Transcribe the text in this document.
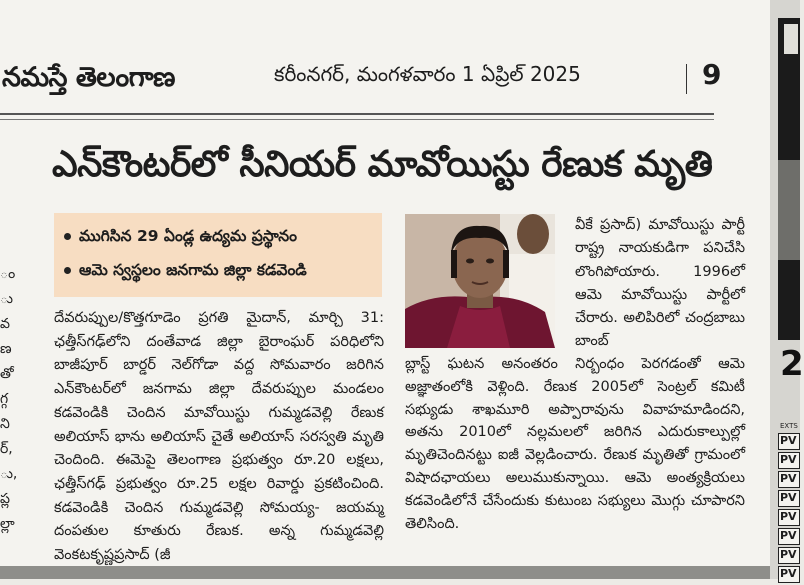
నమస్తే తెలంగాణ	కరీంనగర్, మంగళవారం 1 ఏప్రిల్ 2025	9
ం
ు
వ
ణ
తో
గ్గ
ని
ర్,
ు,
ప్ల
ల్లా
ఎన్‌కౌంటర్‌లో సీనియర్ మావోయిస్టు రేణుక మృతి
ముగిసిన 29 ఏండ్ల ఉద్యమ ప్రస్థానం
ఆమె స్వస్థలం జనగామ జిల్లా కడవెండి

దేవరుప్పుల/కొత్తగూడెం ప్రగతి మైదాన్, మార్చి 31: ఛత్తీస్‌గఢ్‌లోని దంతేవాడ జిల్లా బైరాంఘర్ పరిధిలోని బాజీపూర్ బార్డర్ నెల్‌గోడా వద్ద సోమవారం జరిగిన ఎన్‌కౌంటర్‌లో జనగామ జిల్లా దేవరుప్పుల మండలం కడవెండికి చెందిన మావోయిస్టు గుమ్మడవెల్లి రేణుక అలియాస్ భాను అలియాస్ చైతే అలియాస్ సరస్వతి మృతి చెందింది. ఈమెపై తెలంగాణ ప్రభుత్వం రూ.20 లక్షలు, ఛత్తీస్‌గఢ్ ప్రభుత్వం రూ.25 లక్షల రివార్డు ప్రకటించింది. కడవెండికి చెందిన గుమ్మడవెల్లి సోమయ్య- జయమ్మ దంపతుల కూతురు రేణుక. అన్న గుమ్మడవెల్లి వెంకటకృష్ణప్రసాద్ (జీ

వీకే ప్రసాద్) మావోయిస్టు పార్టీ రాష్ట్ర నాయకుడిగా పనిచేసి లొంగిపోయారు. 1996లో ఆమె మావోయిస్టు పార్టీలో చేరారు. అలిపిరిలో చంద్రబాబు బాంబ్

బ్లాస్ట్ ఘటన అనంతరం నిర్బంధం పెరగడంతో ఆమె అజ్ఞాతంలోకి వెళ్లింది. రేణుక 2005లో సెంట్రల్ కమిటీ సభ్యుడు శాఖమూరి అప్పారావును వివాహమాడిందని, అతను 2010లో నల్లమలలో జరిగిన ఎదురుకాల్పుల్లో మృతిచెందినట్టు ఐజీ వెల్లడించారు. రేణుక మృతితో గ్రామంలో విషాదఛాయలు అలుముకున్నాయి. ఆమె అంత్యక్రియలు కడవెండిలోనే చేసేందుకు కుటుంబ సభ్యులు మొగ్గు చూపారని తెలిసింది.

2
EXTS
PV
PV
PV
PV
PV
PV
PV
PV
